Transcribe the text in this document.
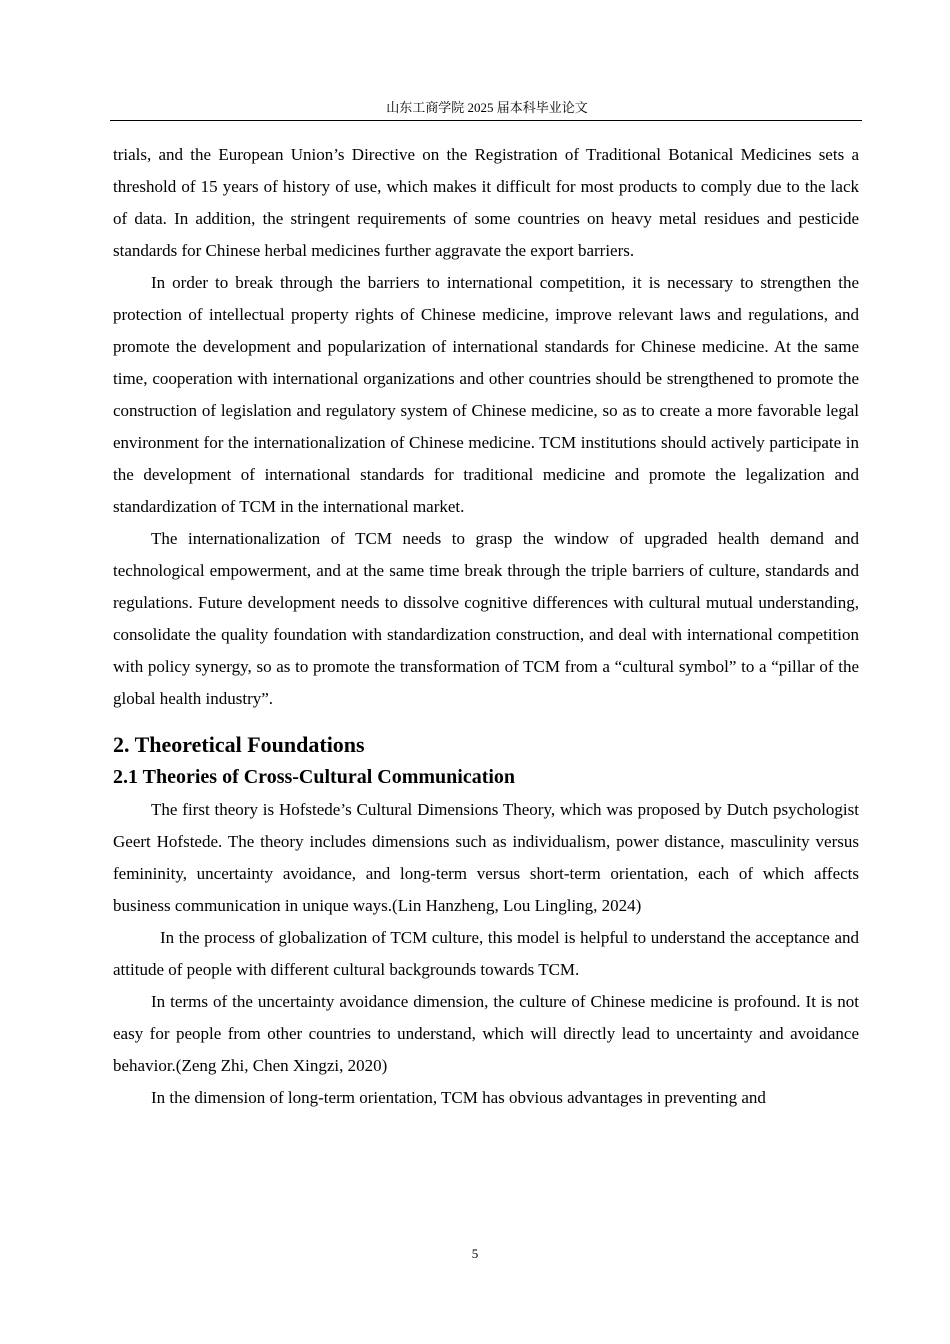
山东工商学院 2025 届本科毕业论文

trials, and the European Union’s Directive on the Registration of Traditional Botanical Medicines sets a threshold of 15 years of history of use, which makes it difficult for most products to comply due to the lack of data. In addition, the stringent requirements of some countries on heavy metal residues and pesticide standards for Chinese herbal medicines further aggravate the export barriers.

In order to break through the barriers to international competition, it is necessary to strengthen the protection of intellectual property rights of Chinese medicine, improve relevant laws and regulations, and promote the development and popularization of international standards for Chinese medicine. At the same time, cooperation with international organizations and other countries should be strengthened to promote the construction of legislation and regulatory system of Chinese medicine, so as to create a more favorable legal environment for the internationalization of Chinese medicine. TCM institutions should actively participate in the development of international standards for traditional medicine and promote the legalization and standardization of TCM in the international market.

The internationalization of TCM needs to grasp the window of upgraded health demand and technological empowerment, and at the same time break through the triple barriers of culture, standards and regulations. Future development needs to dissolve cognitive differences with cultural mutual understanding, consolidate the quality foundation with standardization construction, and deal with international competition with policy synergy, so as to promote the transformation of TCM from a “cultural symbol” to a “pillar of the global health industry”.

2. Theoretical Foundations
2.1 Theories of Cross-Cultural Communication

The first theory is Hofstede’s Cultural Dimensions Theory, which was proposed by Dutch psychologist Geert Hofstede. The theory includes dimensions such as individualism, power distance, masculinity versus femininity, uncertainty avoidance, and long-term versus short-term orientation, each of which affects business communication in unique ways.(Lin Hanzheng, Lou Lingling, 2024)

In the process of globalization of TCM culture, this model is helpful to understand the acceptance and attitude of people with different cultural backgrounds towards TCM.

In terms of the uncertainty avoidance dimension, the culture of Chinese medicine is profound. It is not easy for people from other countries to understand, which will directly lead to uncertainty and avoidance behavior.(Zeng Zhi, Chen Xingzi, 2020)

In the dimension of long-term orientation, TCM has obvious advantages in preventing and

5
